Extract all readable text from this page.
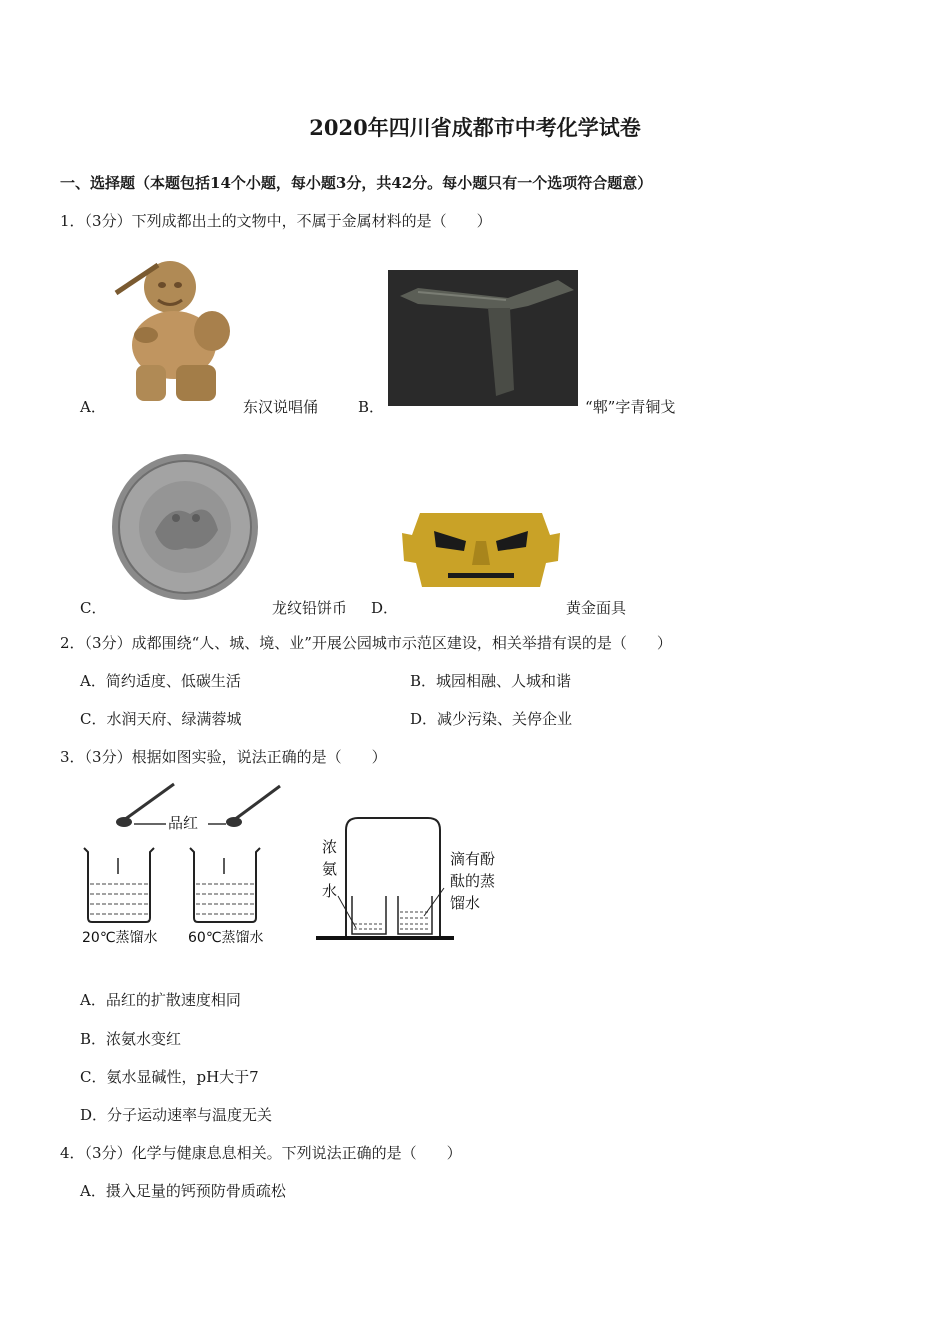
2020年四川省成都市中考化学试卷
一、选择题（本题包括14个小题，每小题3分，共42分。每小题只有一个选项符合题意）
1．（3分）下列成都出土的文物中，不属于金属材料的是（　　）
A．	东汉说唱俑	B．	“郫”字青铜戈
C．	龙纹铅饼币 D．	黄金面具
2．（3分）成都围绕“人、城、境、业”开展公园城市示范区建设，相关举措有误的是（　　）
A．简约适度、低碳生活	B．城园相融、人城和谐
C．水润天府、绿满蓉城	D．减少污染、关停企业
3．（3分）根据如图实验，说法正确的是（　　）
品红
20℃蒸馏水 60℃蒸馏水
浓
氨
水
滴有酚
酞的蒸
馏水
A．品红的扩散速度相同
B．浓氨水变红
C．氨水显碱性，pH大于7
D．分子运动速率与温度无关
4．（3分）化学与健康息息相关。下列说法正确的是（　　）
A．摄入足量的钙预防骨质疏松
